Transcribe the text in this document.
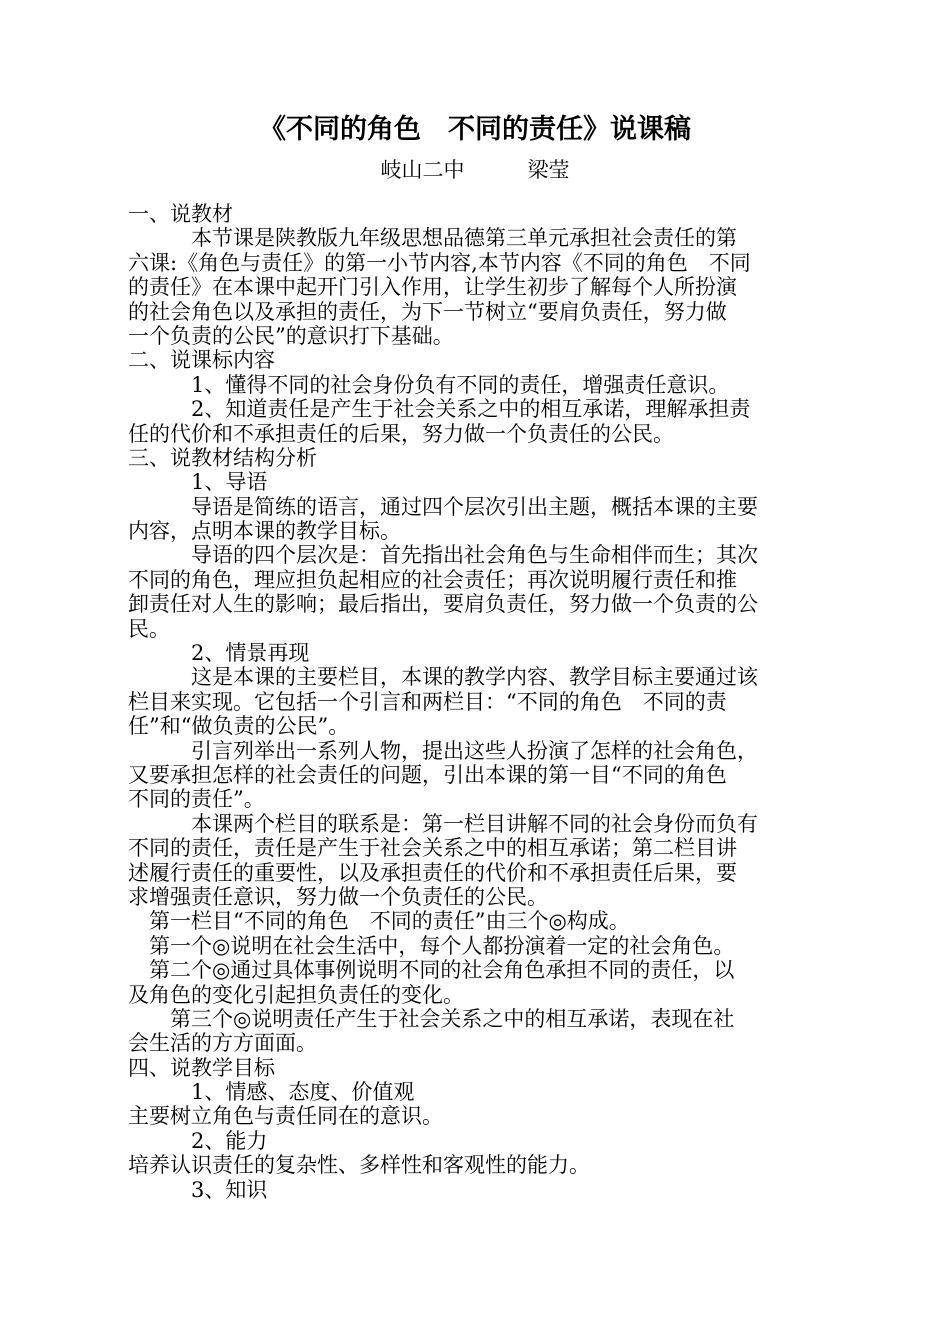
《不同的角色　不同的责任》说课稿
岐山二中　　　梁莹
一、说教材
　　　本节课是陕教版九年级思想品德第三单元承担社会责任的第
六课:《角色与责任》的第一小节内容,本节内容《不同的角色　不同
的责任》在本课中起开门引入作用，让学生初步了解每个人所扮演
的社会角色以及承担的责任，为下一节树立“要肩负责任，努力做
一个负责的公民”的意识打下基础。
二、说课标内容
　　　1、懂得不同的社会身份负有不同的责任，增强责任意识。
　　　2、知道责任是产生于社会关系之中的相互承诺，理解承担责
任的代价和不承担责任的后果，努力做一个负责任的公民。
三、说教材结构分析
　　　1、导语
　　　导语是简练的语言，通过四个层次引出主题，概括本课的主要
内容，点明本课的教学目标。
　　　导语的四个层次是：首先指出社会角色与生命相伴而生；其次
不同的角色，理应担负起相应的社会责任；再次说明履行责任和推
卸责任对人生的影响；最后指出，要肩负责任，努力做一个负责的公
民。
　　　2、情景再现
　　　这是本课的主要栏目，本课的教学内容、教学目标主要通过该
栏目来实现。它包括一个引言和两栏目：“不同的角色　不同的责
任”和“做负责的公民”。
　　　引言列举出一系列人物，提出这些人扮演了怎样的社会角色，
又要承担怎样的社会责任的问题，引出本课的第一目“不同的角色
不同的责任”。
　　　本课两个栏目的联系是：第一栏目讲解不同的社会身份而负有
不同的责任，责任是产生于社会关系之中的相互承诺；第二栏目讲
述履行责任的重要性，以及承担责任的代价和不承担责任后果，要
求增强责任意识，努力做一个负责任的公民。
　第一栏目“不同的角色　不同的责任”由三个◎构成。
　第一个◎说明在社会生活中，每个人都扮演着一定的社会角色。
　第二个◎通过具体事例说明不同的社会角色承担不同的责任，以
及角色的变化引起担负责任的变化。
　　第三个◎说明责任产生于社会关系之中的相互承诺，表现在社
会生活的方方面面。
四、说教学目标
　　　1、情感、态度、价值观
主要树立角色与责任同在的意识。
　　　2、能力
培养认识责任的复杂性、多样性和客观性的能力。
　　　3、知识
